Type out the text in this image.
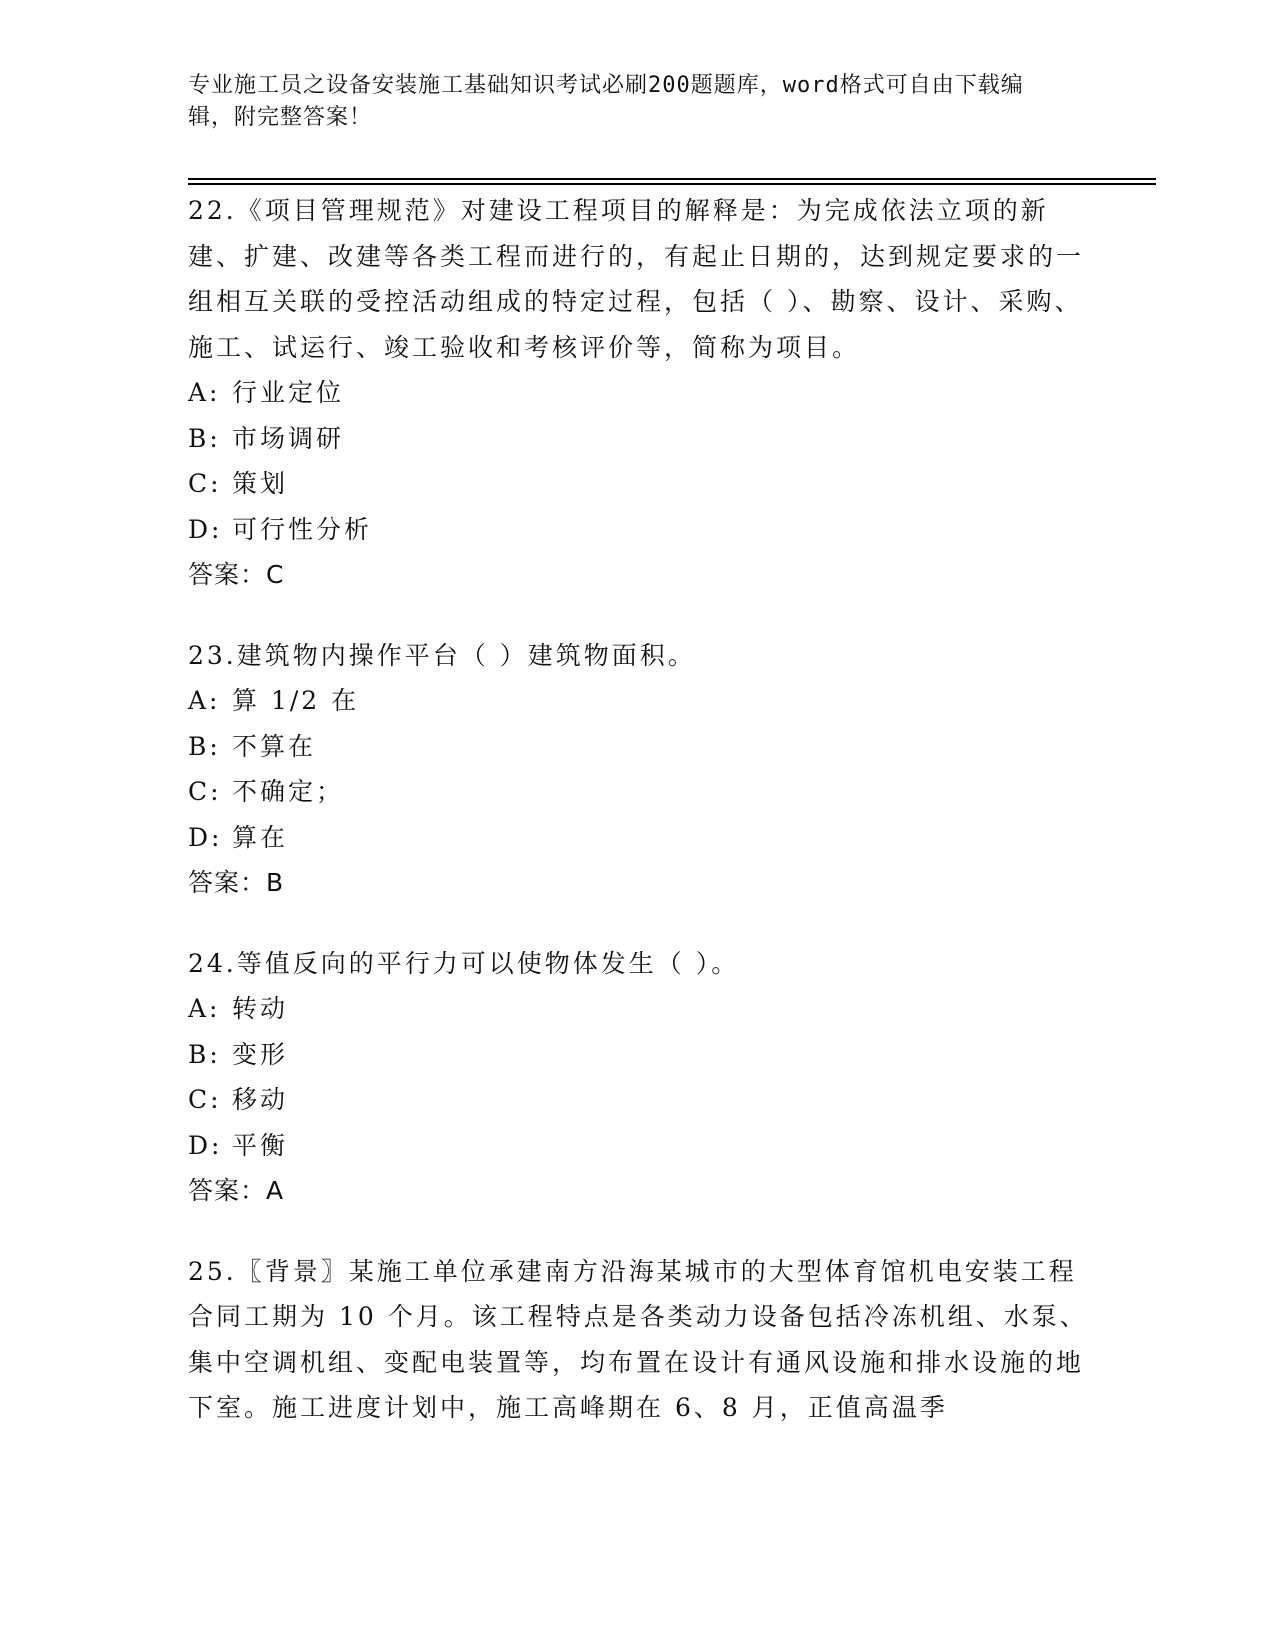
专业施工员之设备安装施工基础知识考试必刷200题题库，word格式可自由下载编辑，附完整答案！

22.《项目管理规范》对建设工程项目的解释是：为完成依法立项的新建、扩建、改建等各类工程而进行的，有起止日期的，达到规定要求的一组相互关联的受控活动组成的特定过程，包括（ ）、勘察、设计、采购、施工、试运行、竣工验收和考核评价等，简称为项目。

A: 行业定位

B: 市场调研

C: 策划

D: 可行性分析

答案：C

23.建筑物内操作平台（ ）建筑物面积。

A: 算 1/2 在

B: 不算在

C: 不确定；

D: 算在

答案：B

24.等值反向的平行力可以使物体发生（ ）。

A: 转动

B: 变形

C: 移动

D: 平衡

答案：A

25.〖背景〗某施工单位承建南方沿海某城市的大型体育馆机电安装工程合同工期为 10 个月。该工程特点是各类动力设备包括冷冻机组、水泵、集中空调机组、变配电装置等，均布置在设计有通风设施和排水设施的地下室。施工进度计划中，施工高峰期在 6、8 月，正值高温季
